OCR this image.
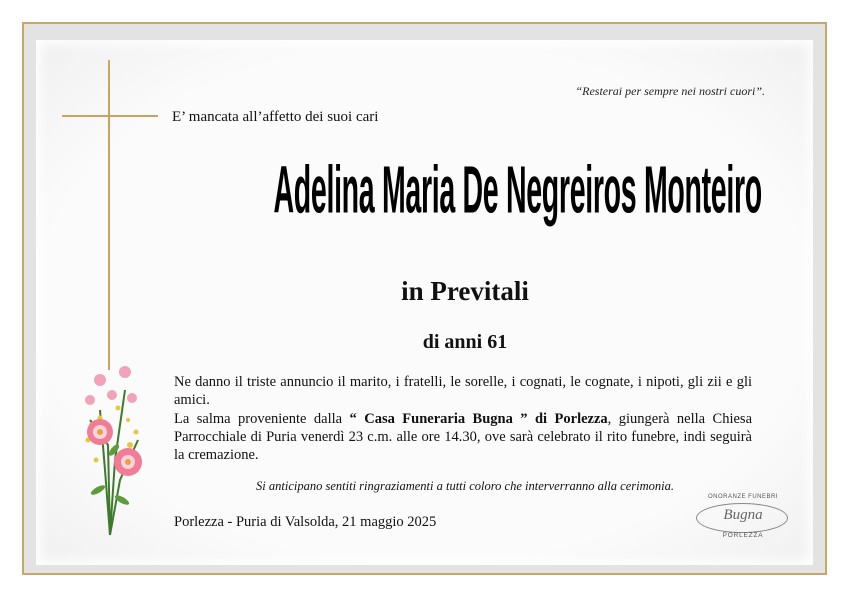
“Resterai per sempre nei nostri cuori”.
E’ mancata all’affetto dei suoi cari
Adelina Maria De Negreiros Monteiro
in Previtali
di anni 61

Ne danno il triste annuncio il marito, i fratelli, le sorelle, i cognati, le cognate, i nipoti, gli zii e gli amici.

La salma proveniente dalla “ Casa Funeraria Bugna ” di Porlezza, giungerà nella Chiesa Parrocchiale di Puria venerdì 23 c.m. alle ore 14.30, ove sarà celebrato il rito funebre, indi seguirà la cremazione.

Si anticipano sentiti ringraziamenti a tutti coloro che interverranno alla cerimonia.
Porlezza - Puria di Valsolda, 21 maggio 2025
ONORANZE FUNEBRI
Bugna
PORLEZZA
